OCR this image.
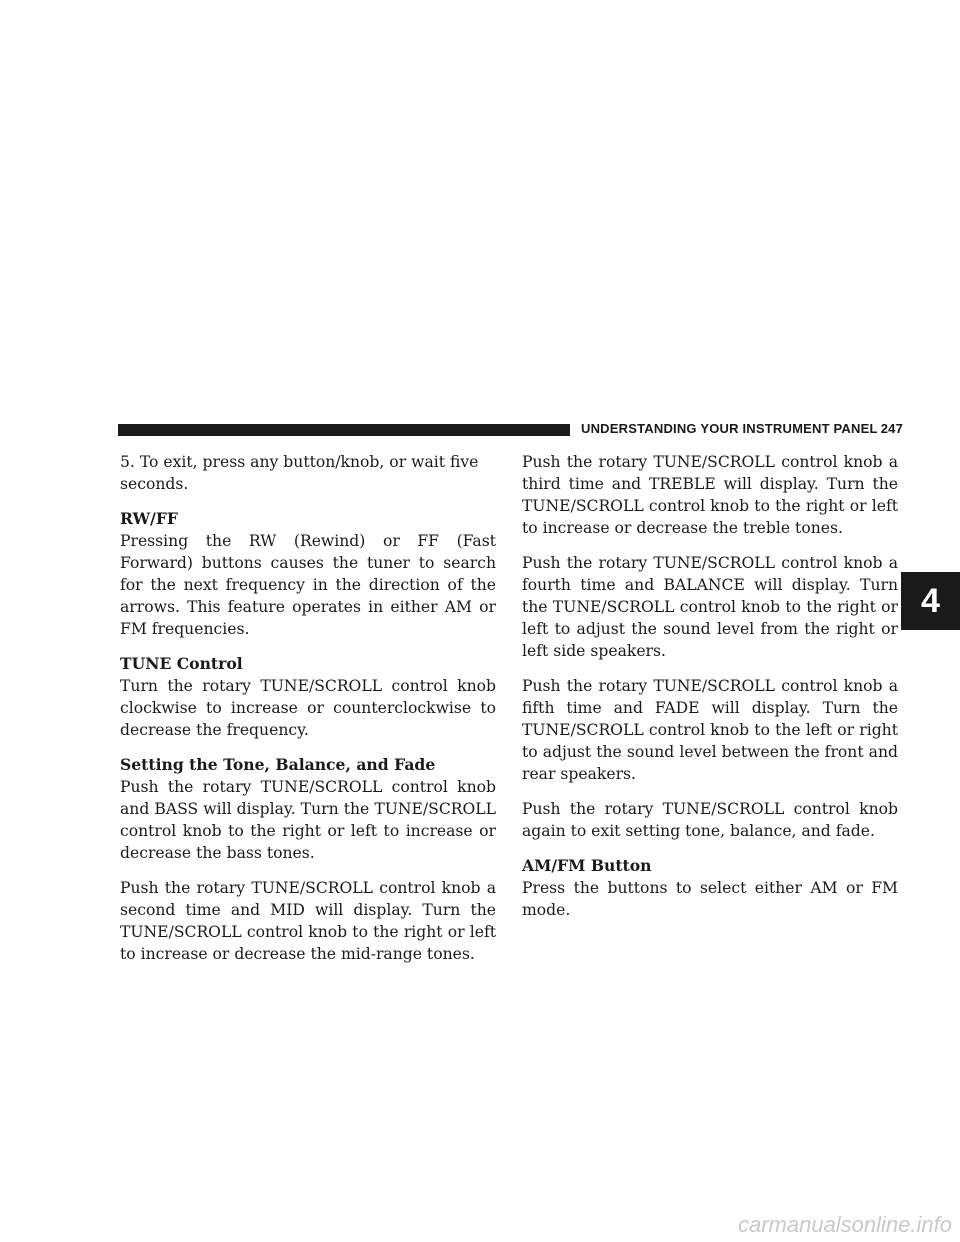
UNDERSTANDING YOUR INSTRUMENT PANEL 247
4

5. To exit, press any button/knob, or wait five seconds.

RW/FF

Pressing the RW (Rewind) or FF (Fast Forward) buttons causes the tuner to search for the next frequency in the direction of the arrows. This feature operates in either AM or FM frequencies.

TUNE Control

Turn the rotary TUNE/SCROLL control knob clockwise to increase or counterclockwise to decrease the frequency.

Setting the Tone, Balance, and Fade

Push the rotary TUNE/SCROLL control knob and BASS will display. Turn the TUNE/SCROLL control knob to the right or left to increase or decrease the bass tones.

Push the rotary TUNE/SCROLL control knob a second time and MID will display. Turn the TUNE/SCROLL control knob to the right or left to increase or decrease the mid-range tones.

Push the rotary TUNE/SCROLL control knob a third time and TREBLE will display. Turn the TUNE/SCROLL control knob to the right or left to increase or decrease the treble tones.

Push the rotary TUNE/SCROLL control knob a fourth time and BALANCE will display. Turn the TUNE/SCROLL control knob to the right or left to adjust the sound level from the right or left side speakers.

Push the rotary TUNE/SCROLL control knob a fifth time and FADE will display. Turn the TUNE/SCROLL control knob to the left or right to adjust the sound level between the front and rear speakers.

Push the rotary TUNE/SCROLL control knob again to exit setting tone, balance, and fade.

AM/FM Button

Press the buttons to select either AM or FM mode.

carmanualsonline.info
